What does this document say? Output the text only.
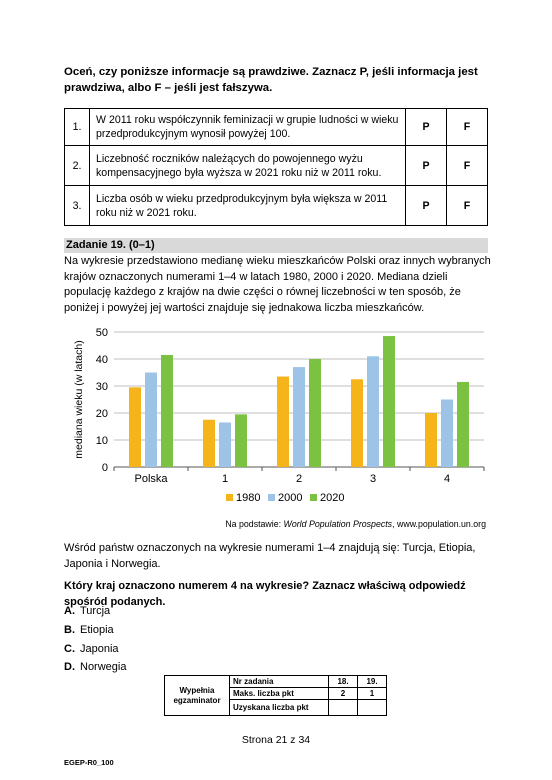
Oceń, czy poniższe informacje są prawdziwe. Zaznacz P, jeśli informacja jest prawdziwa, albo F – jeśli jest fałszywa.
1.	W 2011 roku współczynnik feminizacji w grupie ludności w wieku przedprodukcyjnym wynosił powyżej 100.	P	F
2.	Liczebność roczników należących do powojennego wyżu kompensacyjnego była wyższa w 2021 roku niż w 2011 roku.	P	F
3.	Liczba osób w wieku przedprodukcyjnym była większa w 2011 roku niż w 2021 roku.	P	F
Zadanie 19. (0–1)
Na wykresie przedstawiono medianę wieku mieszkańców Polski oraz innych wybranych krajów oznaczonych numerami 1–4 w latach 1980, 2000 i 2020. Mediana dzieli populację każdego z krajów na dwie części o równej liczebności w ten sposób, że poniżej i powyżej jej wartości znajduje się jednakowa liczba mieszkańców.
0
10
20
30
40
50
mediana wieku (w latach)
Polska	1	2	3	4
1980 2000 2020
Na podstawie: World Population Prospects, www.population.un.org
Wśród państw oznaczonych na wykresie numerami 1–4 znajdują się: Turcja, Etiopia, Japonia i Norwegia.
Który kraj oznaczono numerem 4 na wykresie? Zaznacz właściwą odpowiedź spośród podanych.
A. Turcja
B. Etiopia
C. Japonia
D. Norwegia
Wypełnia egzaminator	Nr zadania	18.	19.
	Maks. liczba pkt	2	1
	Uzyskana liczba pkt		
Strona 21 z 34
EGEP-R0_100
